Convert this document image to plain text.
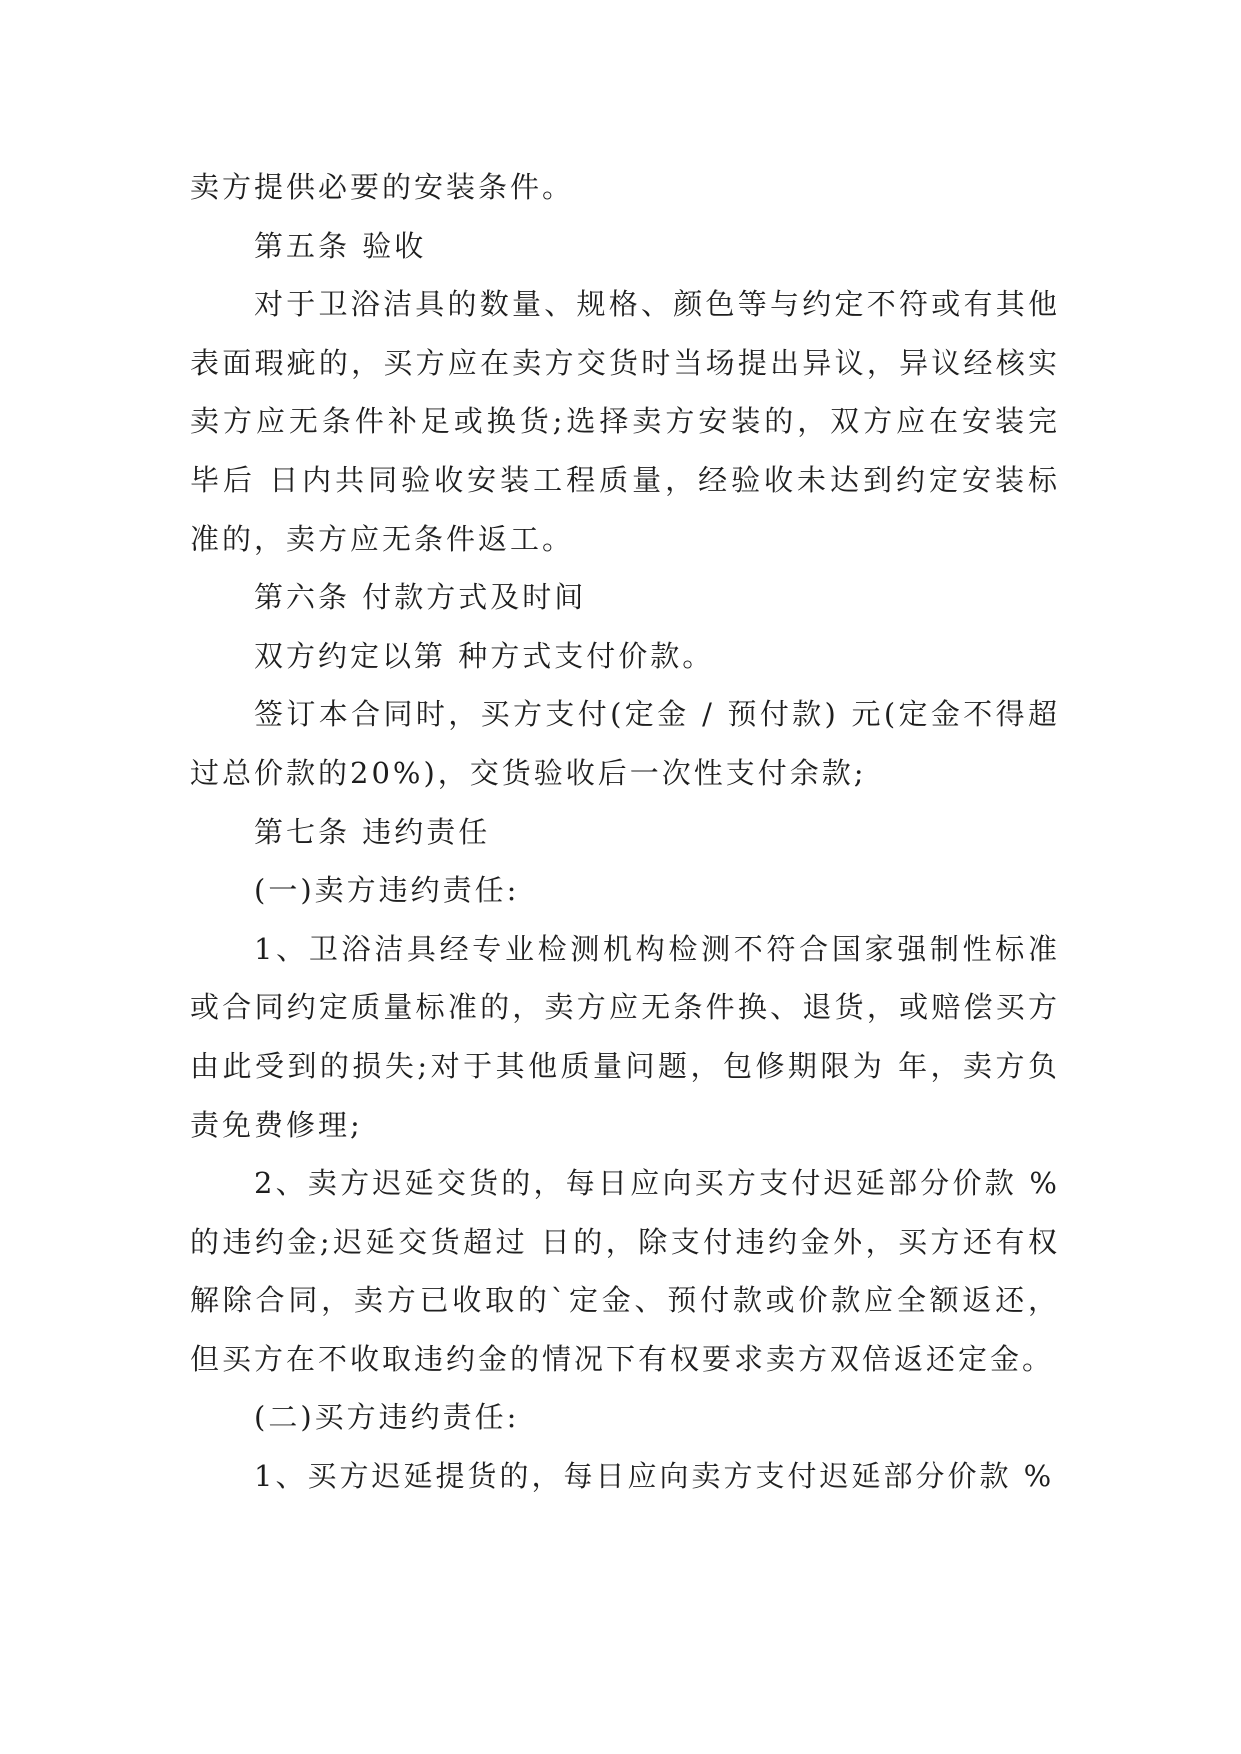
卖方提供必要的安装条件。

第五条 验收

对于卫浴洁具的数量、规格、颜色等与约定不符或有其他表面瑕疵的，买方应在卖方交货时当场提出异议，异议经核实卖方应无条件补足或换货;选择卖方安装的，双方应在安装完毕后 日内共同验收安装工程质量，经验收未达到约定安装标准的，卖方应无条件返工。

第六条 付款方式及时间

双方约定以第 种方式支付价款。

签订本合同时，买方支付(定金 / 预付款) 元(定金不得超过总价款的20%)，交货验收后一次性支付余款;

第七条 违约责任

(一)卖方违约责任:

1、卫浴洁具经专业检测机构检测不符合国家强制性标准或合同约定质量标准的，卖方应无条件换、退货，或赔偿买方由此受到的损失;对于其他质量问题，包修期限为 年，卖方负责免费修理;

2、卖方迟延交货的，每日应向买方支付迟延部分价款 %的违约金;迟延交货超过 日的，除支付违约金外，买方还有权解除合同，卖方已收取的`定金、预付款或价款应全额返还，但买方在不收取违约金的情况下有权要求卖方双倍返还定金。

(二)买方违约责任:

1、买方迟延提货的，每日应向卖方支付迟延部分价款 %
